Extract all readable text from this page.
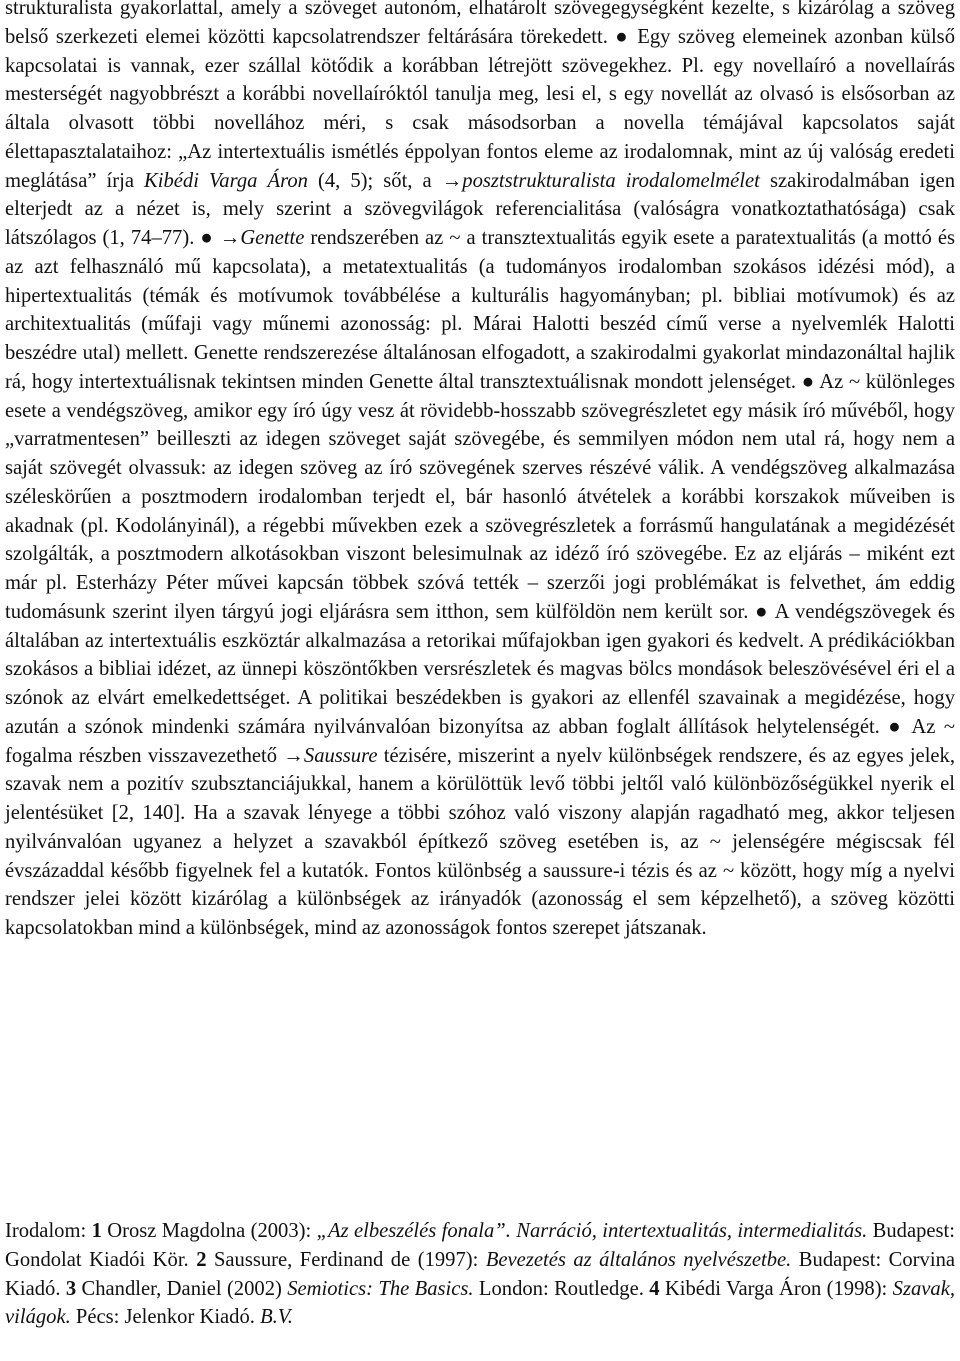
strukturalista gyakorlattal, amely a szöveget autonóm, elhatárolt szövegegységként kezelte, s kizárólag a szöveg belső szerkezeti elemei közötti kapcsolatrendszer feltárására törekedett. ● Egy szöveg elemeinek azonban külső kapcsolatai is vannak, ezer szállal kötődik a korábban létrejött szövegekhez. Pl. egy novellaíró a novellaírás mesterségét nagyobbrészt a korábbi novellaíróktól tanulja meg, lesi el, s egy novellát az olvasó is elsősorban az általa olvasott többi novellához méri, s csak másodsorban a novella témájával kapcsolatos saját élettapasztalataihoz: „Az intertextuális ismétlés éppolyan fontos eleme az irodalomnak, mint az új valóság eredeti meglátása” írja Kibédi Varga Áron (4, 5); sőt, a →posztstrukturalista irodalomelmélet szakirodalmában igen elterjedt az a nézet is, mely szerint a szövegvilágok referencialitása (valóságra vonatkoztathatósága) csak látszólagos (1, 74‒77). ● →Genette rendszerében az ~ a transztextualitás egyik esete a paratextualitás (a mottó és az azt felhasználó mű kapcsolata), a metatextualitás (a tudományos irodalomban szokásos idézési mód), a hipertextualitás (témák és motívumok továbbélése a kulturális hagyományban; pl. bibliai motívumok) és az architextualitás (műfaji vagy műnemi azonosság: pl. Márai Halotti beszéd című verse a nyelvemlék Halotti beszédre utal) mellett. Genette rendszerezése általánosan elfogadott, a szakirodalmi gyakorlat mindazonáltal hajlik rá, hogy intertextuálisnak tekintsen minden Genette által transztextuálisnak mondott jelenséget. ● Az ~ különleges esete a vendégszöveg, amikor egy író úgy vesz át rövidebb-hosszabb szövegrészletet egy másik író művéből, hogy „varratmentesen” beilleszti az idegen szöveget saját szövegébe, és semmilyen módon nem utal rá, hogy nem a saját szövegét olvassuk: az idegen szöveg az író szövegének szerves részévé válik. A vendégszöveg alkalmazása széleskörűen a posztmodern irodalomban terjedt el, bár hasonló átvételek a korábbi korszakok műveiben is akadnak (pl. Kodolányinál), a régebbi művekben ezek a szövegrészletek a forrásmű hangulatának a megidézését szolgálták, a posztmodern alkotásokban viszont belesimulnak az idéző író szövegébe. Ez az eljárás ‒ miként ezt már pl. Esterházy Péter művei kapcsán többek szóvá tették ‒ szerzői jogi problémákat is felvethet, ám eddig tudomásunk szerint ilyen tárgyú jogi eljárásra sem itthon, sem külföldön nem került sor. ● A vendégszövegek és általában az intertextuális eszköztár alkalmazása a retorikai műfajokban igen gyakori és kedvelt. A prédikációkban szokásos a bibliai idézet, az ünnepi köszöntőkben versrészletek és magvas bölcs mondások beleszövésével éri el a szónok az elvárt emelkedettséget. A politikai beszédekben is gyakori az ellenfél szavainak a megidézése, hogy azután a szónok mindenki számára nyilvánvalóan bizonyítsa az abban foglalt állítások helytelenségét. ● Az ~ fogalma részben visszavezethető →Saussure tézisére, miszerint a nyelv különbségek rendszere, és az egyes jelek, szavak nem a pozitív szubsztanciájukkal, hanem a körülöttük levő többi jeltől való különbözőségükkel nyerik el jelentésüket [2, 140]. Ha a szavak lényege a többi szóhoz való viszony alapján ragadható meg, akkor teljesen nyilvánvalóan ugyanez a helyzet a szavakból építkező szöveg esetében is, az ~ jelenségére mégiscsak fél évszázaddal később figyelnek fel a kutatók. Fontos különbség a saussure-i tézis és az ~ között, hogy míg a nyelvi rendszer jelei között kizárólag a különbségek az irányadók (azonosság el sem képzelhető), a szöveg közötti kapcsolatokban mind a különbségek, mind az azonosságok fontos szerepet játszanak.

Irodalom: 1 Orosz Magdolna (2003): „Az elbeszélés fonala”. Narráció, intertextualitás, intermedialitás. Budapest: Gondolat Kiadói Kör. 2 Saussure, Ferdinand de (1997): Bevezetés az általános nyelvészetbe. Budapest: Corvina Kiadó. 3 Chandler, Daniel (2002) Semiotics: The Basics. London: Routledge. 4 Kibédi Varga Áron (1998): Szavak, világok. Pécs: Jelenkor Kiadó. B.V.
